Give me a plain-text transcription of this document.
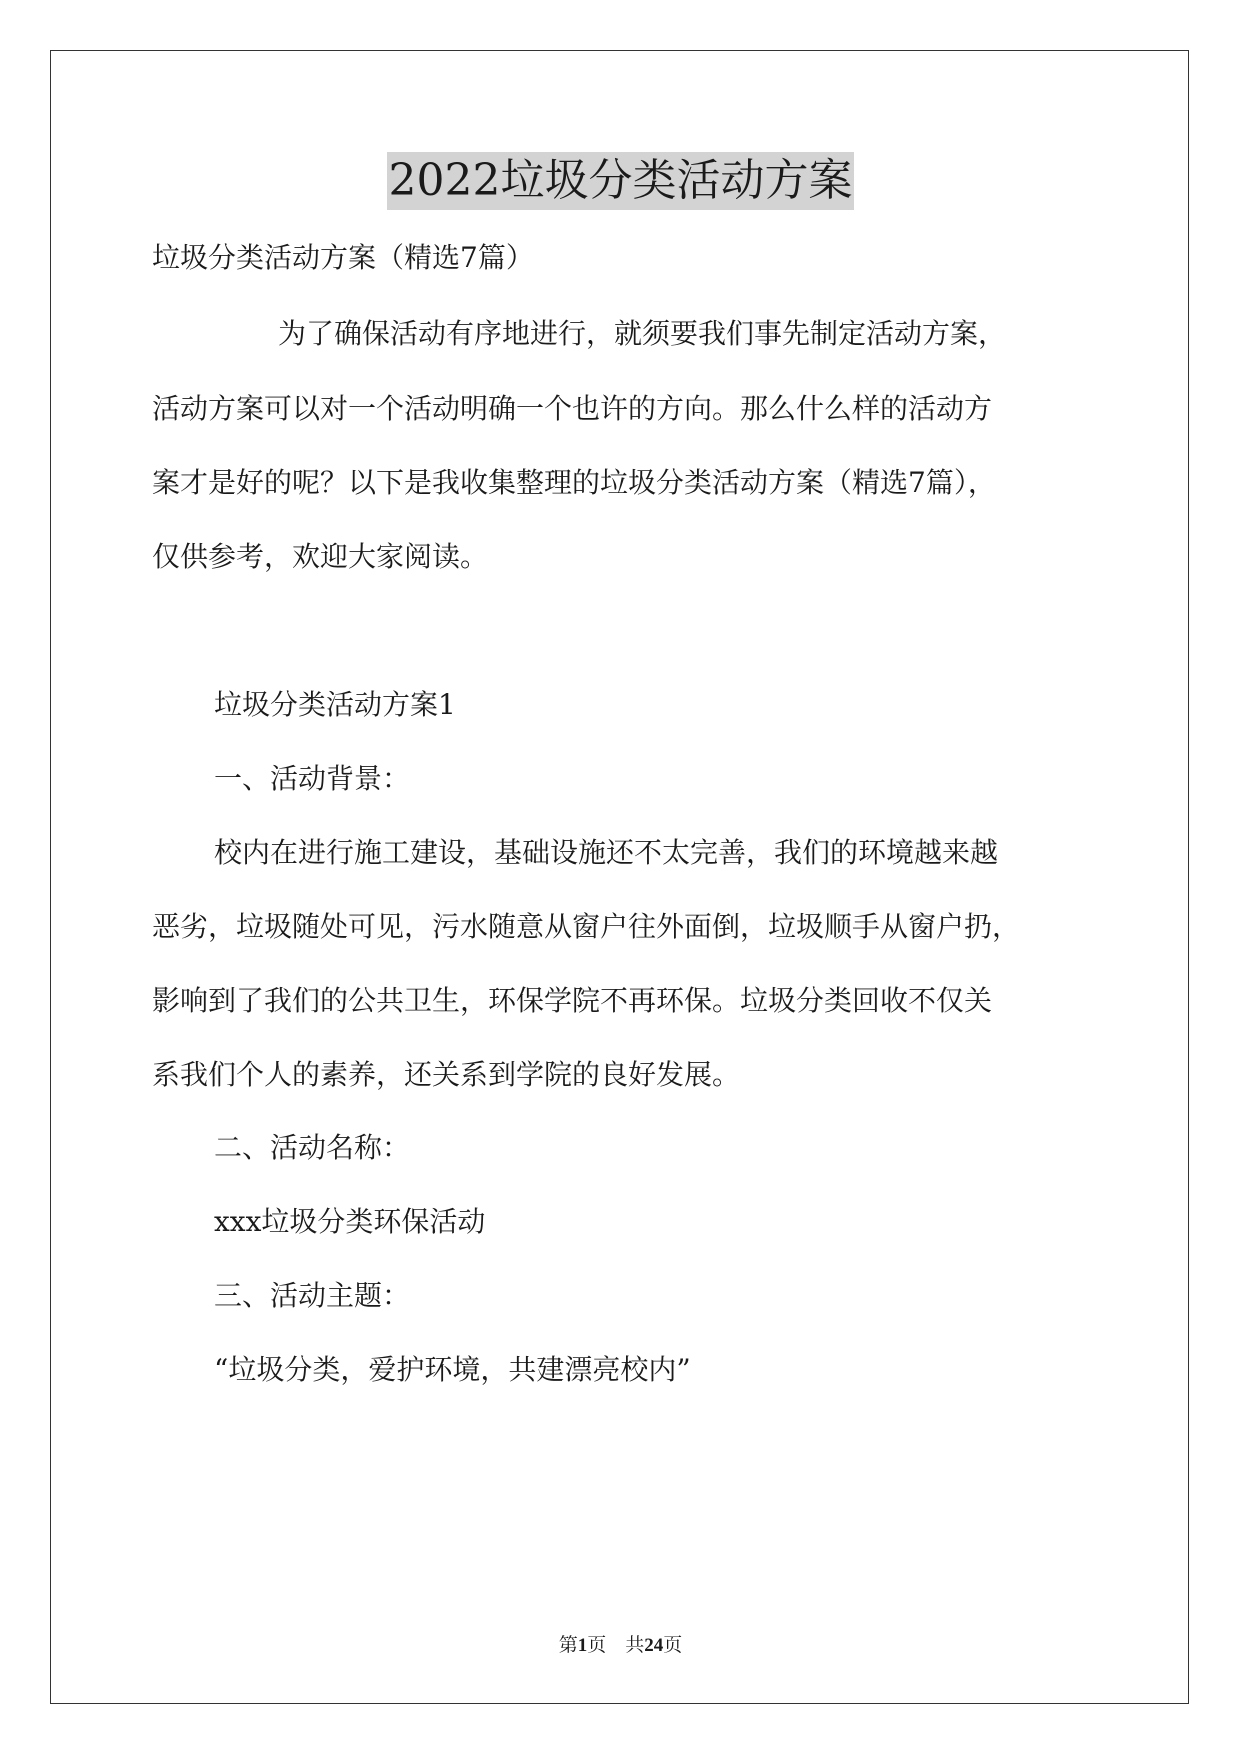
2022垃圾分类活动方案
垃圾分类活动方案（精选7篇）
为了确保活动有序地进行，就须要我们事先制定活动方案，
活动方案可以对一个活动明确一个也许的方向。那么什么样的活动方
案才是好的呢？以下是我收集整理的垃圾分类活动方案（精选7篇），
仅供参考，欢迎大家阅读。
垃圾分类活动方案1
一、活动背景：
校内在进行施工建设，基础设施还不太完善，我们的环境越来越
恶劣，垃圾随处可见，污水随意从窗户往外面倒，垃圾顺手从窗户扔，
影响到了我们的公共卫生，环保学院不再环保。垃圾分类回收不仅关
系我们个人的素养，还关系到学院的良好发展。
二、活动名称：
xxx垃圾分类环保活动
三、活动主题：
“垃圾分类，爱护环境，共建漂亮校内”
第1页　共24页
